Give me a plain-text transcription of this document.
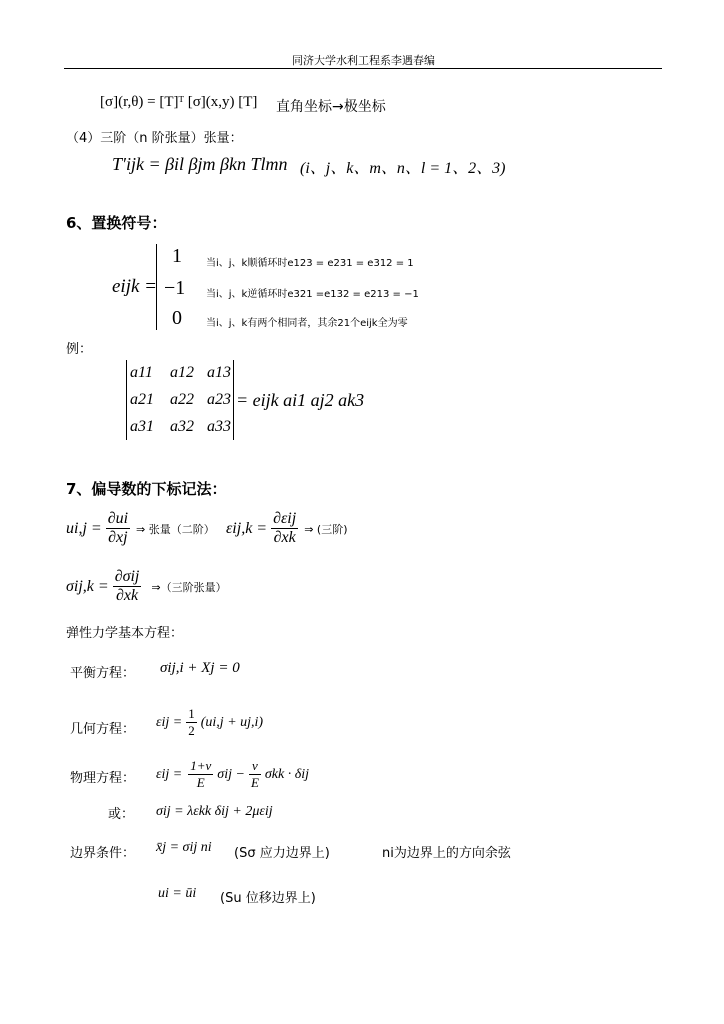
同济大学水利工程系李遇春编
[σ](r,θ) = [T]ᵀ [σ](x,y) [T] 直角坐标→极坐标
（4）三阶（n 阶张量）张量：
T′ijk = βil βjm βkn Tlmn (i、j、k、m、n、l = 1、2、3)
6、置换符号：
eijk =
1 当i、j、k顺循环时e123 = e231 = e312 = 1
−1 当i、j、k逆循环时e321 =e132 = e213 = −1
0 当i、j、k有两个相同者，其余21个eijk全为零
例：
a11 a12 a13
a21 a22 a23
a31 a32 a33
= eijk ai1 aj2 ak3
7、偏导数的下标记法：
$ui,j = \frac{\partial ui}{\partial xj}$ ⇒ 张量（二阶） $\varepsilon ij,k = \frac{\text{∂εij}}{\partial xk}$ ⇒ (三阶)
$\sigma ij,k = \frac{\text{∂σij}}{\partial xk}$ ⇒（三阶张量）
弹性力学基本方程：
平衡方程： σij,i + Xj = 0
几何方程： $\varepsilon ij = \frac{1}{2} (ui,j + uj,i)$
物理方程： $\varepsilon ij = \frac{1+v}{E}$ $\sigma ij - \frac{v}{E}$ σkk · δij
或： σij = λεkk δij + 2μεij
边界条件： x̄j = σij ni (Sσ 应力边界上)	ni为边界上的方向余弦
ui = ūi (Su 位移边界上)
